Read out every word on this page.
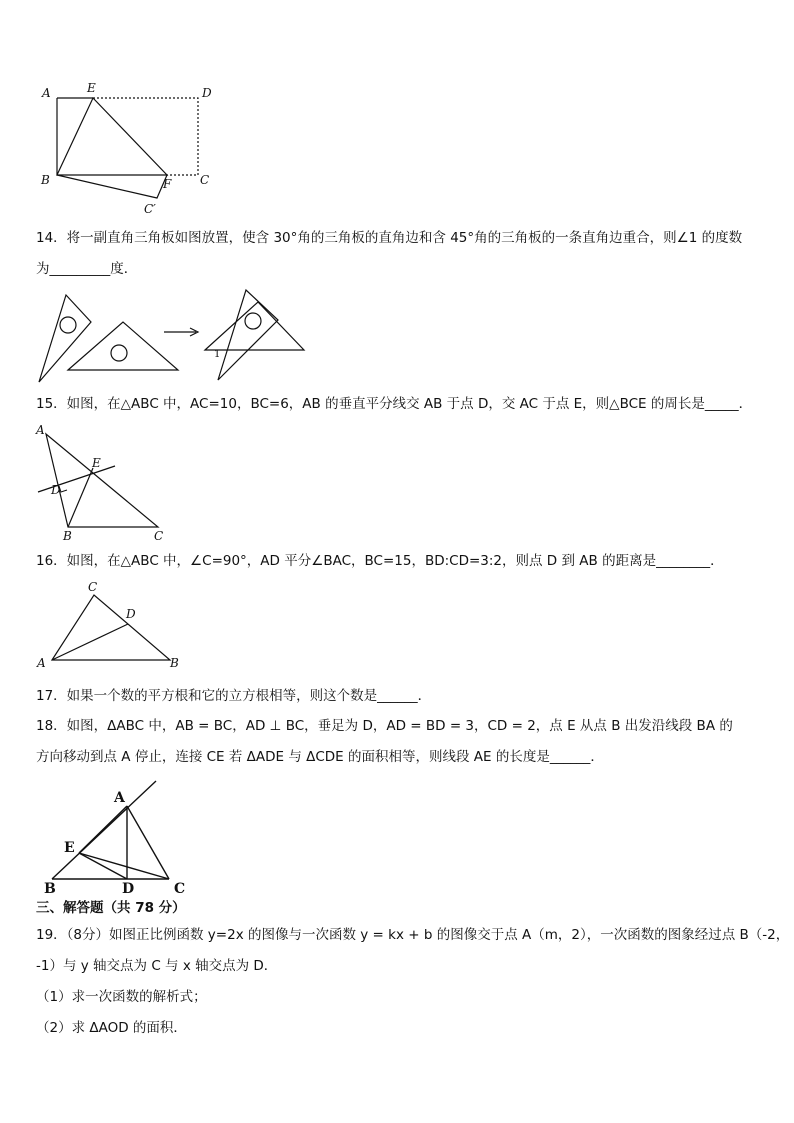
A	E	D
B	F C
C′
14．将一副直角三角板如图放置，使含 30°角的三角板的直角边和含 45°角的三角板的一条直角边重合，则∠1 的度数
为_________度．
1
15．如图，在△ABC 中，AC=10，BC=6，AB 的垂直平分线交 AB 于点 D，交 AC 于点 E，则△BCE 的周长是_____．
A
E
D
B	C
16．如图，在△ABC 中，∠C=90°，AD 平分∠BAC，BC=15，BD:CD=3:2，则点 D 到 AB 的距离是________．
C
D
A	B
17．如果一个数的平方根和它的立方根相等，则这个数是______．
18．如图，ΔABC 中，AB = BC，AD ⊥ BC，垂足为 D，AD = BD = 3，CD = 2，点 E 从点 B 出发沿线段 BA 的
方向移动到点 A 停止，连接 CE 若 ΔADE 与 ΔCDE 的面积相等，则线段 AE 的长度是______．
A
E
B	D	C
三、解答题（共 78 分）
19．（8分）如图正比例函数 y=2x 的图像与一次函数 y = kx + b 的图像交于点 A（m，2），一次函数的图象经过点 B（-2，
-1）与 y 轴交点为 C 与 x 轴交点为 D．
（1）求一次函数的解析式；
（2）求 ΔAOD 的面积．
